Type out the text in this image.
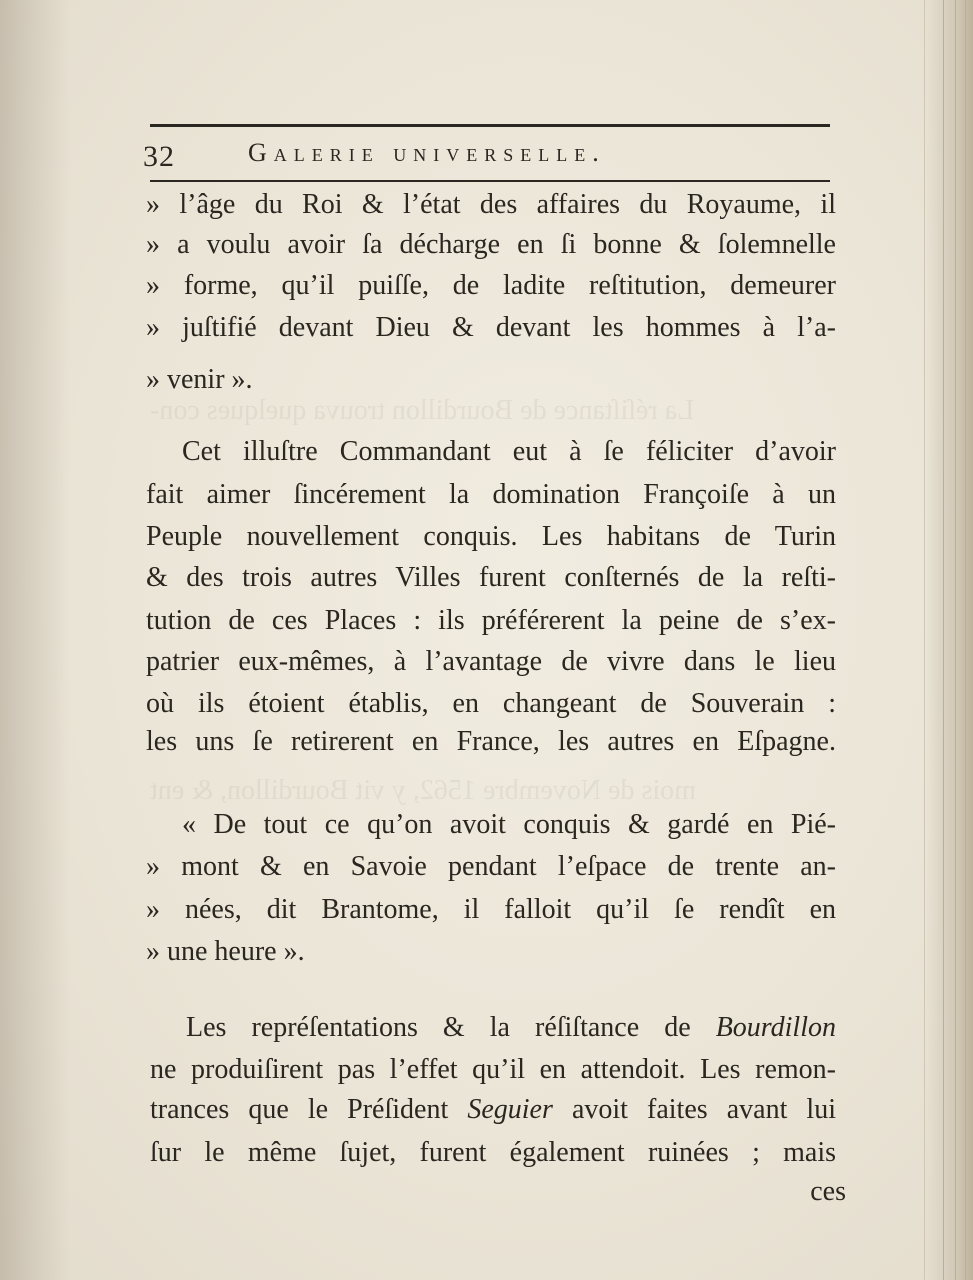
La réſiſtance de Bourdillon trouva quelques con-
mois de Novembre 1562, y vit Bourdillon, & ent
32	Galerie universelle.
» l’âge du Roi & l’état des affaires du Royaume, il
» a voulu avoir ſa décharge en ſi bonne & ſolemnelle
» forme, qu’il puiſſe, de ladite reſtitution, demeurer
» juſtifié devant Dieu & devant les hommes à l’a-
» venir ».
Cet illuſtre Commandant eut à ſe féliciter d’avoir
fait aimer ſincérement la domination Françoiſe à un
Peuple nouvellement conquis. Les habitans de Turin
& des trois autres Villes furent conſternés de la reſti-
tution de ces Places : ils préférerent la peine de s’ex-
patrier eux-mêmes, à l’avantage de vivre dans le lieu
où ils étoient établis, en changeant de Souverain :
les uns ſe retirerent en France, les autres en Eſpagne.
« De tout ce qu’on avoit conquis & gardé en Pié-
» mont & en Savoie pendant l’eſpace de trente an-
» nées, dit Brantome, il falloit qu’il ſe rendît en
» une heure ».
Les repréſentations & la réſiſtance de Bourdillon
ne produiſirent pas l’effet qu’il en attendoit. Les remon-
trances que le Préſident Seguier avoit faites avant lui
ſur le même ſujet, furent également ruinées ; mais
ces
